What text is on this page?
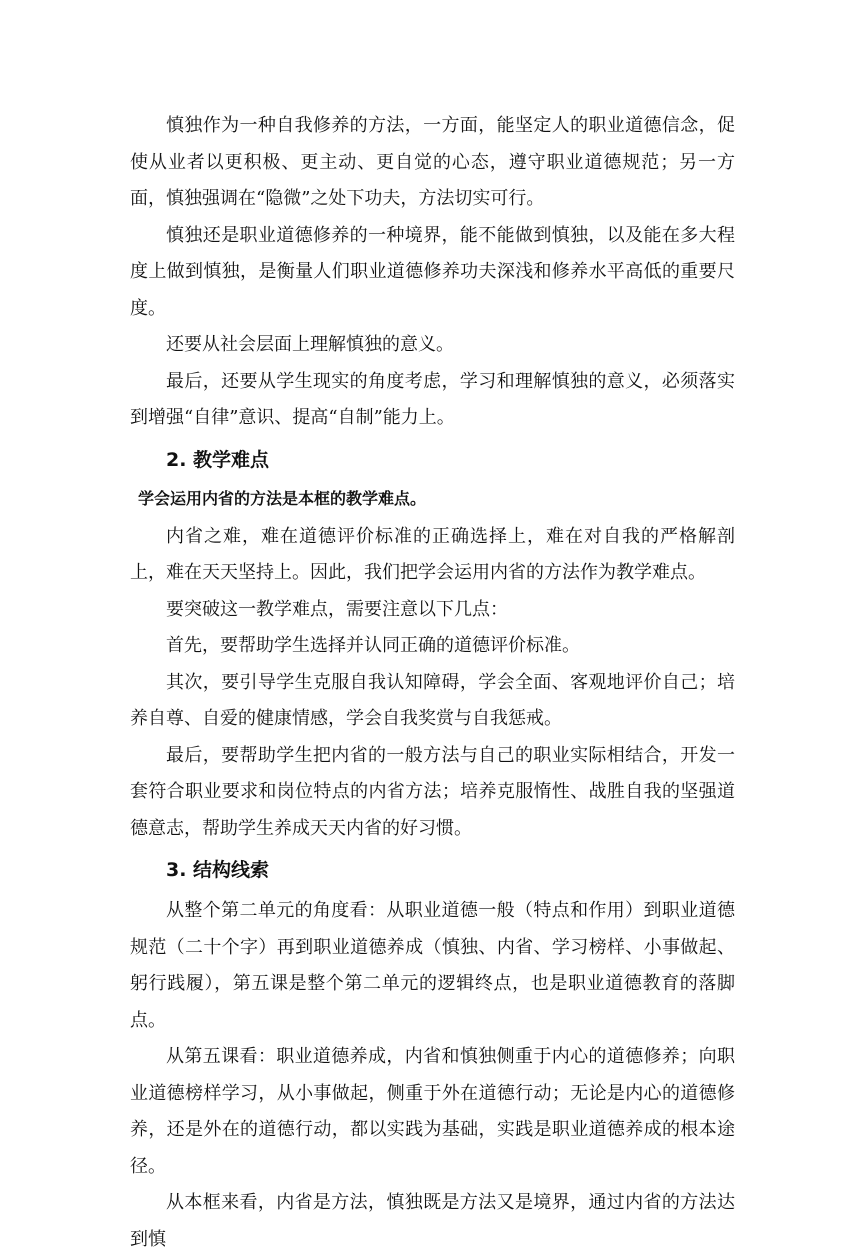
慎独作为一种自我修养的方法，一方面，能坚定人的职业道德信念，促使从业者以更积极、更主动、更自觉的心态，遵守职业道德规范；另一方面，慎独强调在“隐微”之处下功夫，方法切实可行。

慎独还是职业道德修养的一种境界，能不能做到慎独，以及能在多大程度上做到慎独，是衡量人们职业道德修养功夫深浅和修养水平高低的重要尺度。

还要从社会层面上理解慎独的意义。

最后，还要从学生现实的角度考虑，学习和理解慎独的意义，必须落实到增强“自律”意识、提高“自制”能力上。

2. 教学难点

学会运用内省的方法是本框的教学难点。

内省之难，难在道德评价标准的正确选择上，难在对自我的严格解剖上，难在天天坚持上。因此，我们把学会运用内省的方法作为教学难点。

要突破这一教学难点，需要注意以下几点：

首先，要帮助学生选择并认同正确的道德评价标准。

其次，要引导学生克服自我认知障碍，学会全面、客观地评价自己；培养自尊、自爱的健康情感，学会自我奖赏与自我惩戒。

最后，要帮助学生把内省的一般方法与自己的职业实际相结合，开发一套符合职业要求和岗位特点的内省方法；培养克服惰性、战胜自我的坚强道德意志，帮助学生养成天天内省的好习惯。

3. 结构线索

从整个第二单元的角度看：从职业道德一般（特点和作用）到职业道德规范（二十个字）再到职业道德养成（慎独、内省、学习榜样、小事做起、躬行践履），第五课是整个第二单元的逻辑终点，也是职业道德教育的落脚点。

从第五课看：职业道德养成，内省和慎独侧重于内心的道德修养；向职业道德榜样学习，从小事做起，侧重于外在道德行动；无论是内心的道德修养，还是外在的道德行动，都以实践为基础，实践是职业道德养成的根本途径。

从本框来看，内省是方法，慎独既是方法又是境界，通过内省的方法达到慎
